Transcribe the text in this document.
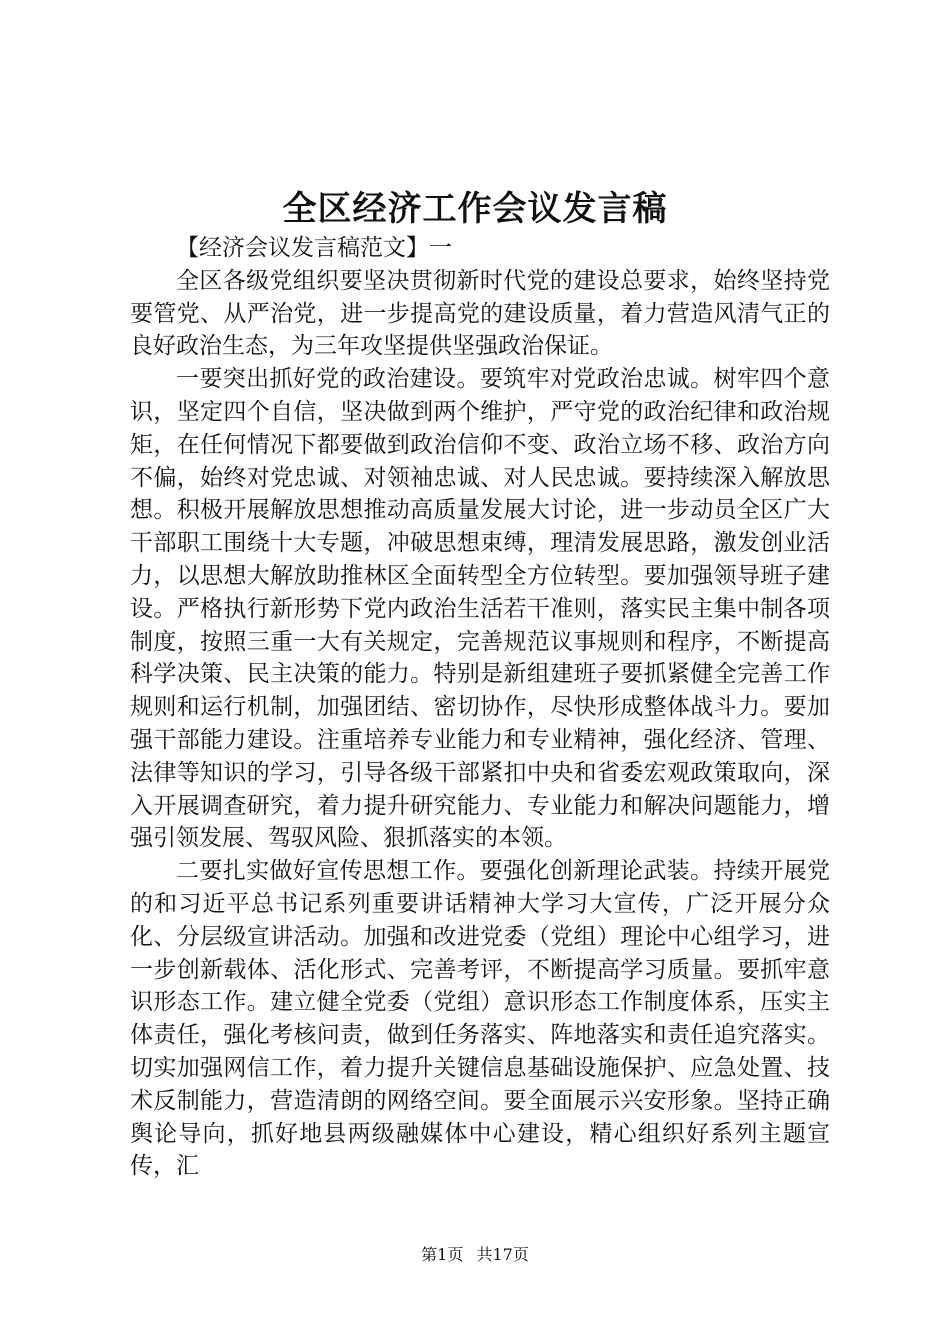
全区经济工作会议发言稿

【经济会议发言稿范文】一

全区各级党组织要坚决贯彻新时代党的建设总要求，始终坚持党要管党、从严治党，进一步提高党的建设质量，着力营造风清气正的良好政治生态，为三年攻坚提供坚强政治保证。

一要突出抓好党的政治建设。要筑牢对党政治忠诚。树牢四个意识，坚定四个自信，坚决做到两个维护，严守党的政治纪律和政治规矩，在任何情况下都要做到政治信仰不变、政治立场不移、政治方向不偏，始终对党忠诚、对领袖忠诚、对人民忠诚。要持续深入解放思想。积极开展解放思想推动高质量发展大讨论，进一步动员全区广大干部职工围绕十大专题，冲破思想束缚，理清发展思路，激发创业活力，以思想大解放助推林区全面转型全方位转型。要加强领导班子建设。严格执行新形势下党内政治生活若干准则，落实民主集中制各项制度，按照三重一大有关规定，完善规范议事规则和程序，不断提高科学决策、民主决策的能力。特别是新组建班子要抓紧健全完善工作规则和运行机制，加强团结、密切协作，尽快形成整体战斗力。要加强干部能力建设。注重培养专业能力和专业精神，强化经济、管理、法律等知识的学习，引导各级干部紧扣中央和省委宏观政策取向，深入开展调查研究，着力提升研究能力、专业能力和解决问题能力，增强引领发展、驾驭风险、狠抓落实的本领。

二要扎实做好宣传思想工作。要强化创新理论武装。持续开展党的和习近平总书记系列重要讲话精神大学习大宣传，广泛开展分众化、分层级宣讲活动。加强和改进党委（党组）理论中心组学习，进一步创新载体、活化形式、完善考评，不断提高学习质量。要抓牢意识形态工作。建立健全党委（党组）意识形态工作制度体系，压实主体责任，强化考核问责，做到任务落实、阵地落实和责任追究落实。切实加强网信工作，着力提升关键信息基础设施保护、应急处置、技术反制能力，营造清朗的网络空间。要全面展示兴安形象。坚持正确舆论导向，抓好地县两级融媒体中心建设，精心组织好系列主题宣传，汇

第1页 共17页
